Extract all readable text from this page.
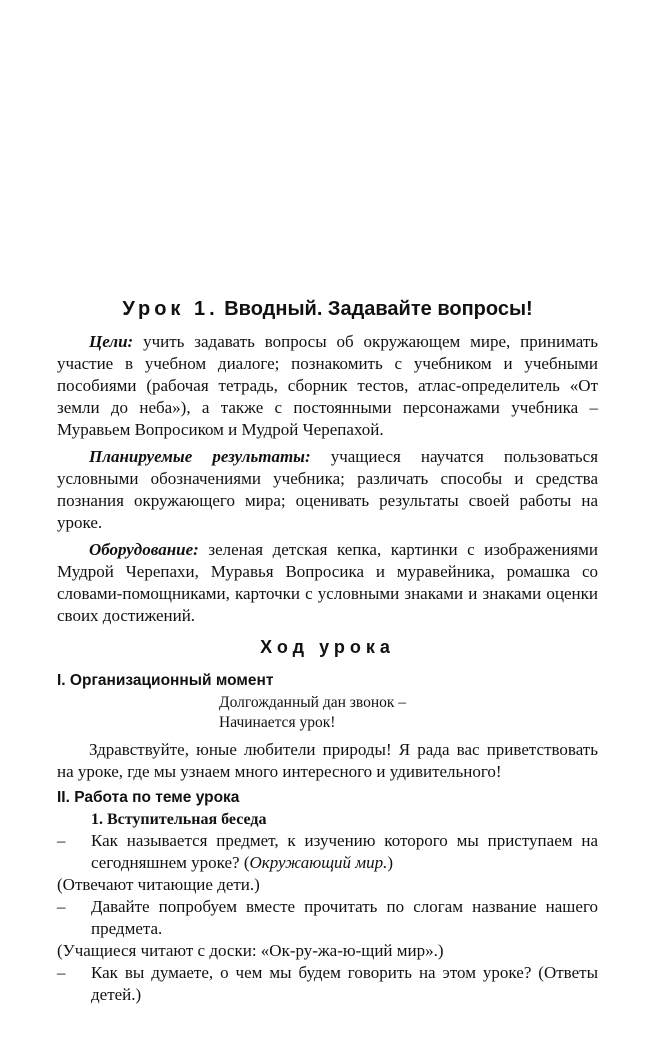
Урок 1. Вводный. Задавайте вопросы!

Цели: учить задавать вопросы об окружающем мире, принимать участие в учебном диалоге; познакомить с учебником и учебными пособиями (рабочая тетрадь, сборник тестов, атлас-определитель «От земли до неба»), а также с постоянными персонажами учебника – Муравьем Вопросиком и Мудрой Черепахой.

Планируемые результаты: учащиеся научатся пользоваться условными обозначениями учебника; различать способы и средства познания окружающего мира; оценивать результаты своей работы на уроке.

Оборудование: зеленая детская кепка, картинки с изображениями Мудрой Черепахи, Муравья Вопросика и муравейника, ромашка со словами-помощниками, карточки с условными знаками и знаками оценки своих достижений.

Ход урока
I. Организационный момент
Долгожданный дан звонок –
Начинается урок!

Здравствуйте, юные любители природы! Я рада вас приветствовать на уроке, где мы узнаем много интересного и удивительного!

II. Работа по теме урока
1. Вступительная беседа
– Как называется предмет, к изучению которого мы приступаем на сегодняшнем уроке? (Окружающий мир.)
(Отвечают читающие дети.)
– Давайте попробуем вместе прочитать по слогам название нашего предмета.
(Учащиеся читают с доски: «Ок-ру-жа-ю-щий мир».)
– Как вы думаете, о чем мы будем говорить на этом уроке? (Ответы детей.)
